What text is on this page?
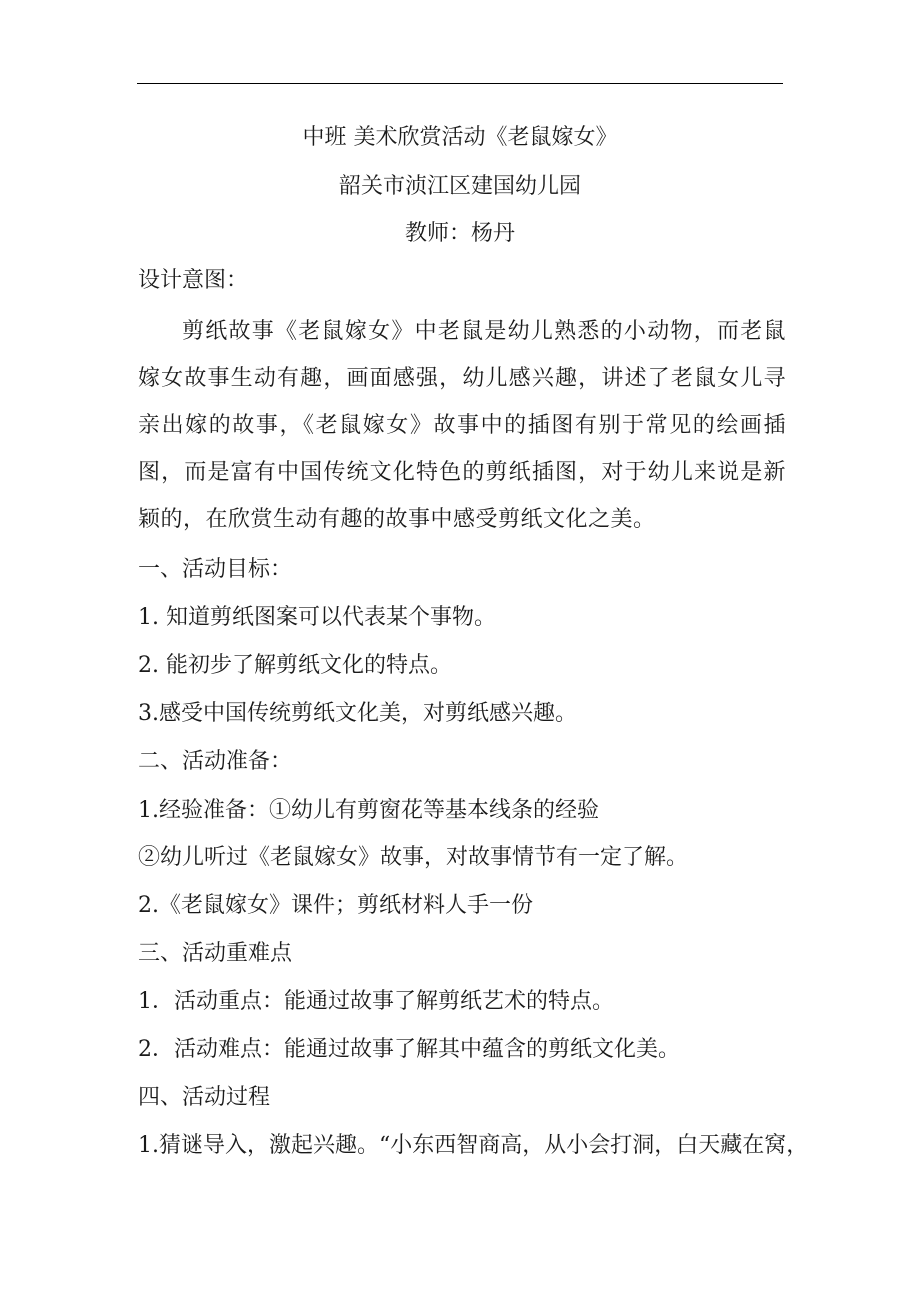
中班 美术欣赏活动《老鼠嫁女》
韶关市浈江区建国幼儿园
教师：杨丹
设计意图：
剪纸故事《老鼠嫁女》中老鼠是幼儿熟悉的小动物，而老鼠嫁女故事生动有趣，画面感强，幼儿感兴趣，讲述了老鼠女儿寻亲出嫁的故事，《老鼠嫁女》故事中的插图有别于常见的绘画插图，而是富有中国传统文化特色的剪纸插图，对于幼儿来说是新颖的，在欣赏生动有趣的故事中感受剪纸文化之美。
一、活动目标：
1. 知道剪纸图案可以代表某个事物。
2. 能初步了解剪纸文化的特点。
3.感受中国传统剪纸文化美，对剪纸感兴趣。
二、活动准备：
1.经验准备：①幼儿有剪窗花等基本线条的经验
②幼儿听过《老鼠嫁女》故事，对故事情节有一定了解。
2.《老鼠嫁女》课件；剪纸材料人手一份
三、活动重难点
1．活动重点：能通过故事了解剪纸艺术的特点。
2．活动难点：能通过故事了解其中蕴含的剪纸文化美。
四、活动过程
1.猜谜导入，激起兴趣。“小东西智商高，从小会打洞，白天藏在窝，
